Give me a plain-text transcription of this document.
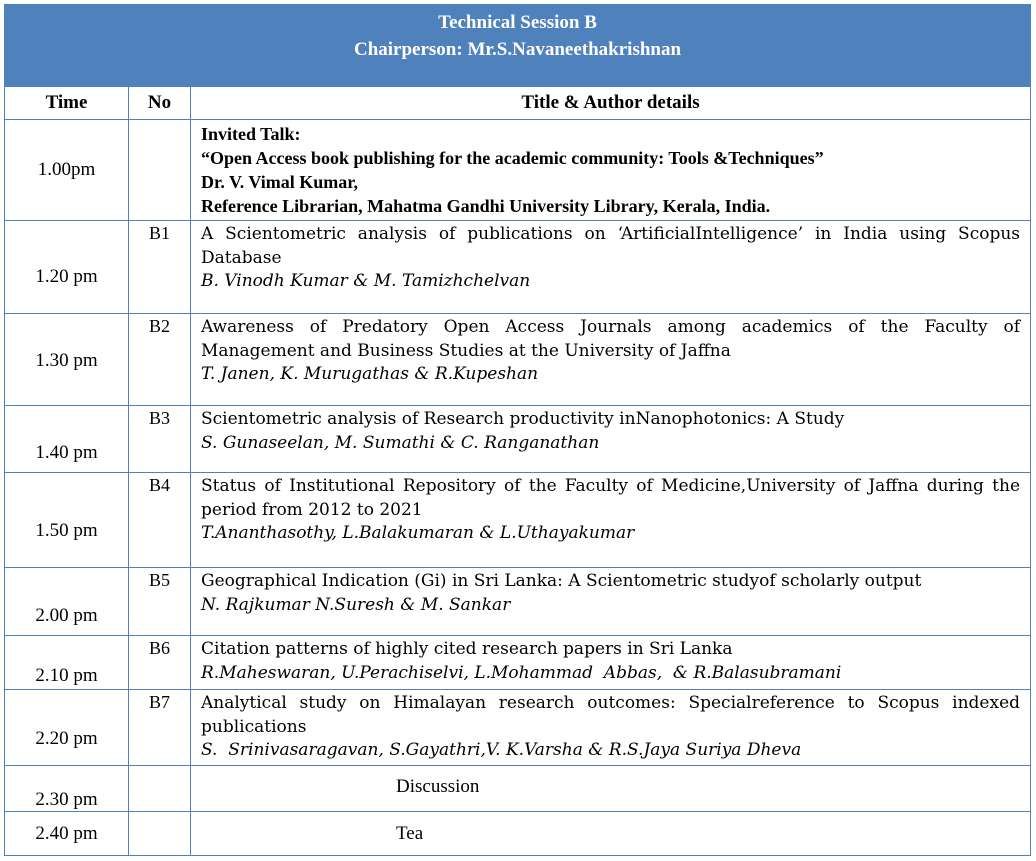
Technical Session B
Chairperson: Mr.S.Navaneethakrishnan		

Time	No	Title & Author details
1.00pm		Invited Talk:
“Open Access book publishing for the academic community: Tools &Techniques”
Dr. V. Vimal Kumar,
Reference Librarian, Mahatma Gandhi University Library, Kerala, India.

1.20 pm	B1	A Scientometric analysis of publications on ‘ArtificialIntelligence’ in India using Scopus Database
B. Vinodh Kumar & M. Tamizhchelvan

1.30 pm	B2	Awareness of Predatory Open Access Journals among academics of the Faculty of Management and Business Studies at the University of Jaffna
T. Janen, K. Murugathas & R.Kupeshan

1.40 pm	B3	Scientometric analysis of Research productivity inNanophotonics: A Study
S. Gunaseelan, M. Sumathi & C. Ranganathan

1.50 pm	B4	Status of Institutional Repository of the Faculty of Medicine,University of Jaffna during the period from 2012 to 2021
T.Ananthasothy, L.Balakumaran & L.Uthayakumar

2.00 pm	B5	Geographical Indication (Gi) in Sri Lanka: A Scientometric studyof scholarly output
N. Rajkumar N.Suresh & M. Sankar

2.10 pm	B6	Citation patterns of highly cited research papers in Sri Lanka
R.Maheswaran, U.Perachiselvi, L.Mohammad  Abbas,  & R.Balasubramani

2.20 pm	B7	Analytical study on Himalayan research outcomes: Specialreference to Scopus indexed publications
S.  Srinivasaragavan, S.Gayathri,V. K.Varsha & R.S.Jaya Suriya Dheva

2.30 pm		Discussion
2.40 pm		Tea
